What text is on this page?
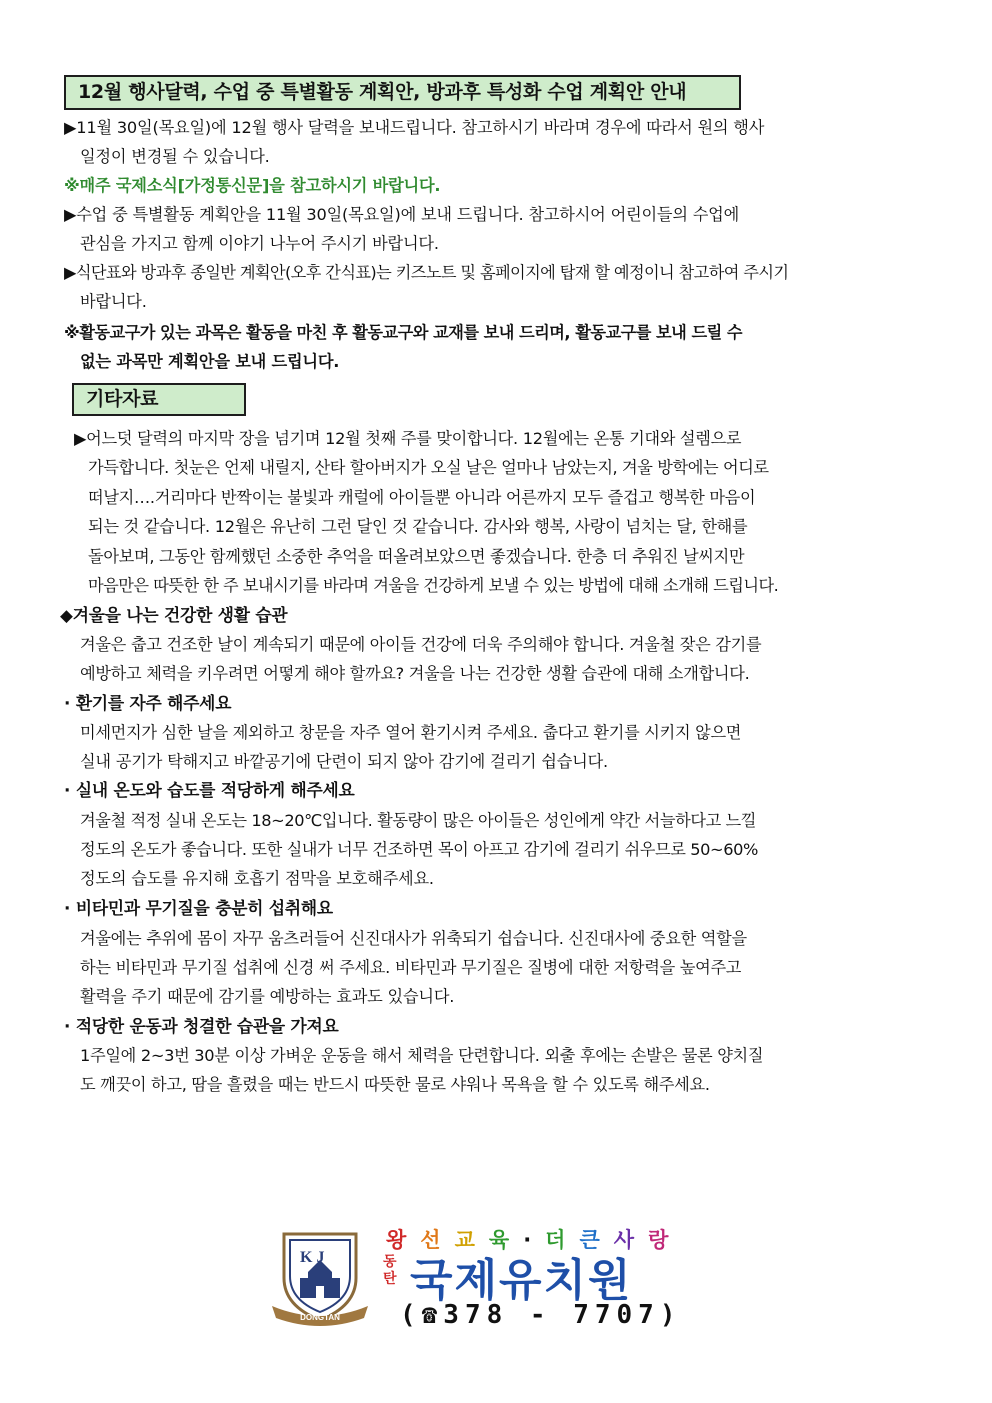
12월 행사달력, 수업 중 특별활동 계획안, 방과후 특성화 수업 계획안 안내
▶11월 30일(목요일)에 12월 행사 달력을 보내드립니다. 참고하시기 바라며 경우에 따라서 원의 행사
일정이 변경될 수 있습니다.
※매주 국제소식[가정통신문]을 참고하시기 바랍니다.
▶수업 중 특별활동 계획안을 11월 30일(목요일)에 보내 드립니다. 참고하시어 어린이들의 수업에
관심을 가지고 함께 이야기 나누어 주시기 바랍니다.
▶식단표와 방과후 종일반 계획안(오후 간식표)는 키즈노트 및 홈페이지에 탑재 할 예정이니 참고하여 주시기
바랍니다.
※활동교구가 있는 과목은 활동을 마친 후 활동교구와 교재를 보내 드리며, 활동교구를 보내 드릴 수
없는 과목만 계획안을 보내 드립니다.
기타자료
▶어느덧 달력의 마지막 장을 넘기며 12월 첫째 주를 맞이합니다. 12월에는 온통 기대와 설렘으로
가득합니다. 첫눈은 언제 내릴지, 산타 할아버지가 오실 날은 얼마나 남았는지, 겨울 방학에는 어디로
떠날지….거리마다 반짝이는 불빛과 캐럴에 아이들뿐 아니라 어른까지 모두 즐겁고 행복한 마음이
되는 것 같습니다. 12월은 유난히 그런 달인 것 같습니다. 감사와 행복, 사랑이 넘치는 달, 한해를
돌아보며, 그동안 함께했던 소중한 추억을 떠올려보았으면 좋겠습니다. 한층 더 추워진 날씨지만
마음만은 따뜻한 한 주 보내시기를 바라며 겨울을 건강하게 보낼 수 있는 방법에 대해 소개해 드립니다.
◆겨울을 나는 건강한 생활 습관
겨울은 춥고 건조한 날이 계속되기 때문에 아이들 건강에 더욱 주의해야 합니다. 겨울철 잦은 감기를
예방하고 체력을 키우려면 어떻게 해야 할까요? 겨울을 나는 건강한 생활 습관에 대해 소개합니다.
· 환기를 자주 해주세요
미세먼지가 심한 날을 제외하고 창문을 자주 열어 환기시켜 주세요. 춥다고 환기를 시키지 않으면
실내 공기가 탁해지고 바깥공기에 단련이 되지 않아 감기에 걸리기 쉽습니다.
· 실내 온도와 습도를 적당하게 해주세요
겨울철 적정 실내 온도는 18~20℃입니다. 활동량이 많은 아이들은 성인에게 약간 서늘하다고 느낄
정도의 온도가 좋습니다. 또한 실내가 너무 건조하면 목이 아프고 감기에 걸리기 쉬우므로 50~60%
정도의 습도를 유지해 호흡기 점막을 보호해주세요.
· 비타민과 무기질을 충분히 섭취해요
겨울에는 추위에 몸이 자꾸 움츠러들어 신진대사가 위축되기 쉽습니다. 신진대사에 중요한 역할을
하는 비타민과 무기질 섭취에 신경 써 주세요. 비타민과 무기질은 질병에 대한 저항력을 높여주고
활력을 주기 때문에 감기를 예방하는 효과도 있습니다.
· 적당한 운동과 청결한 습관을 가져요
1주일에 2~3번 30분 이상 가벼운 운동을 해서 체력을 단련합니다. 외출 후에는 손발은 물론 양치질
도 깨끗이 하고, 땀을 흘렸을 때는 반드시 따뜻한 물로 샤워나 목욕을 할 수 있도록 해주세요.
K J
DONGTAN
왕선교육·더큰사랑
동
탄 국제유치원
(☎378 - 7707)
